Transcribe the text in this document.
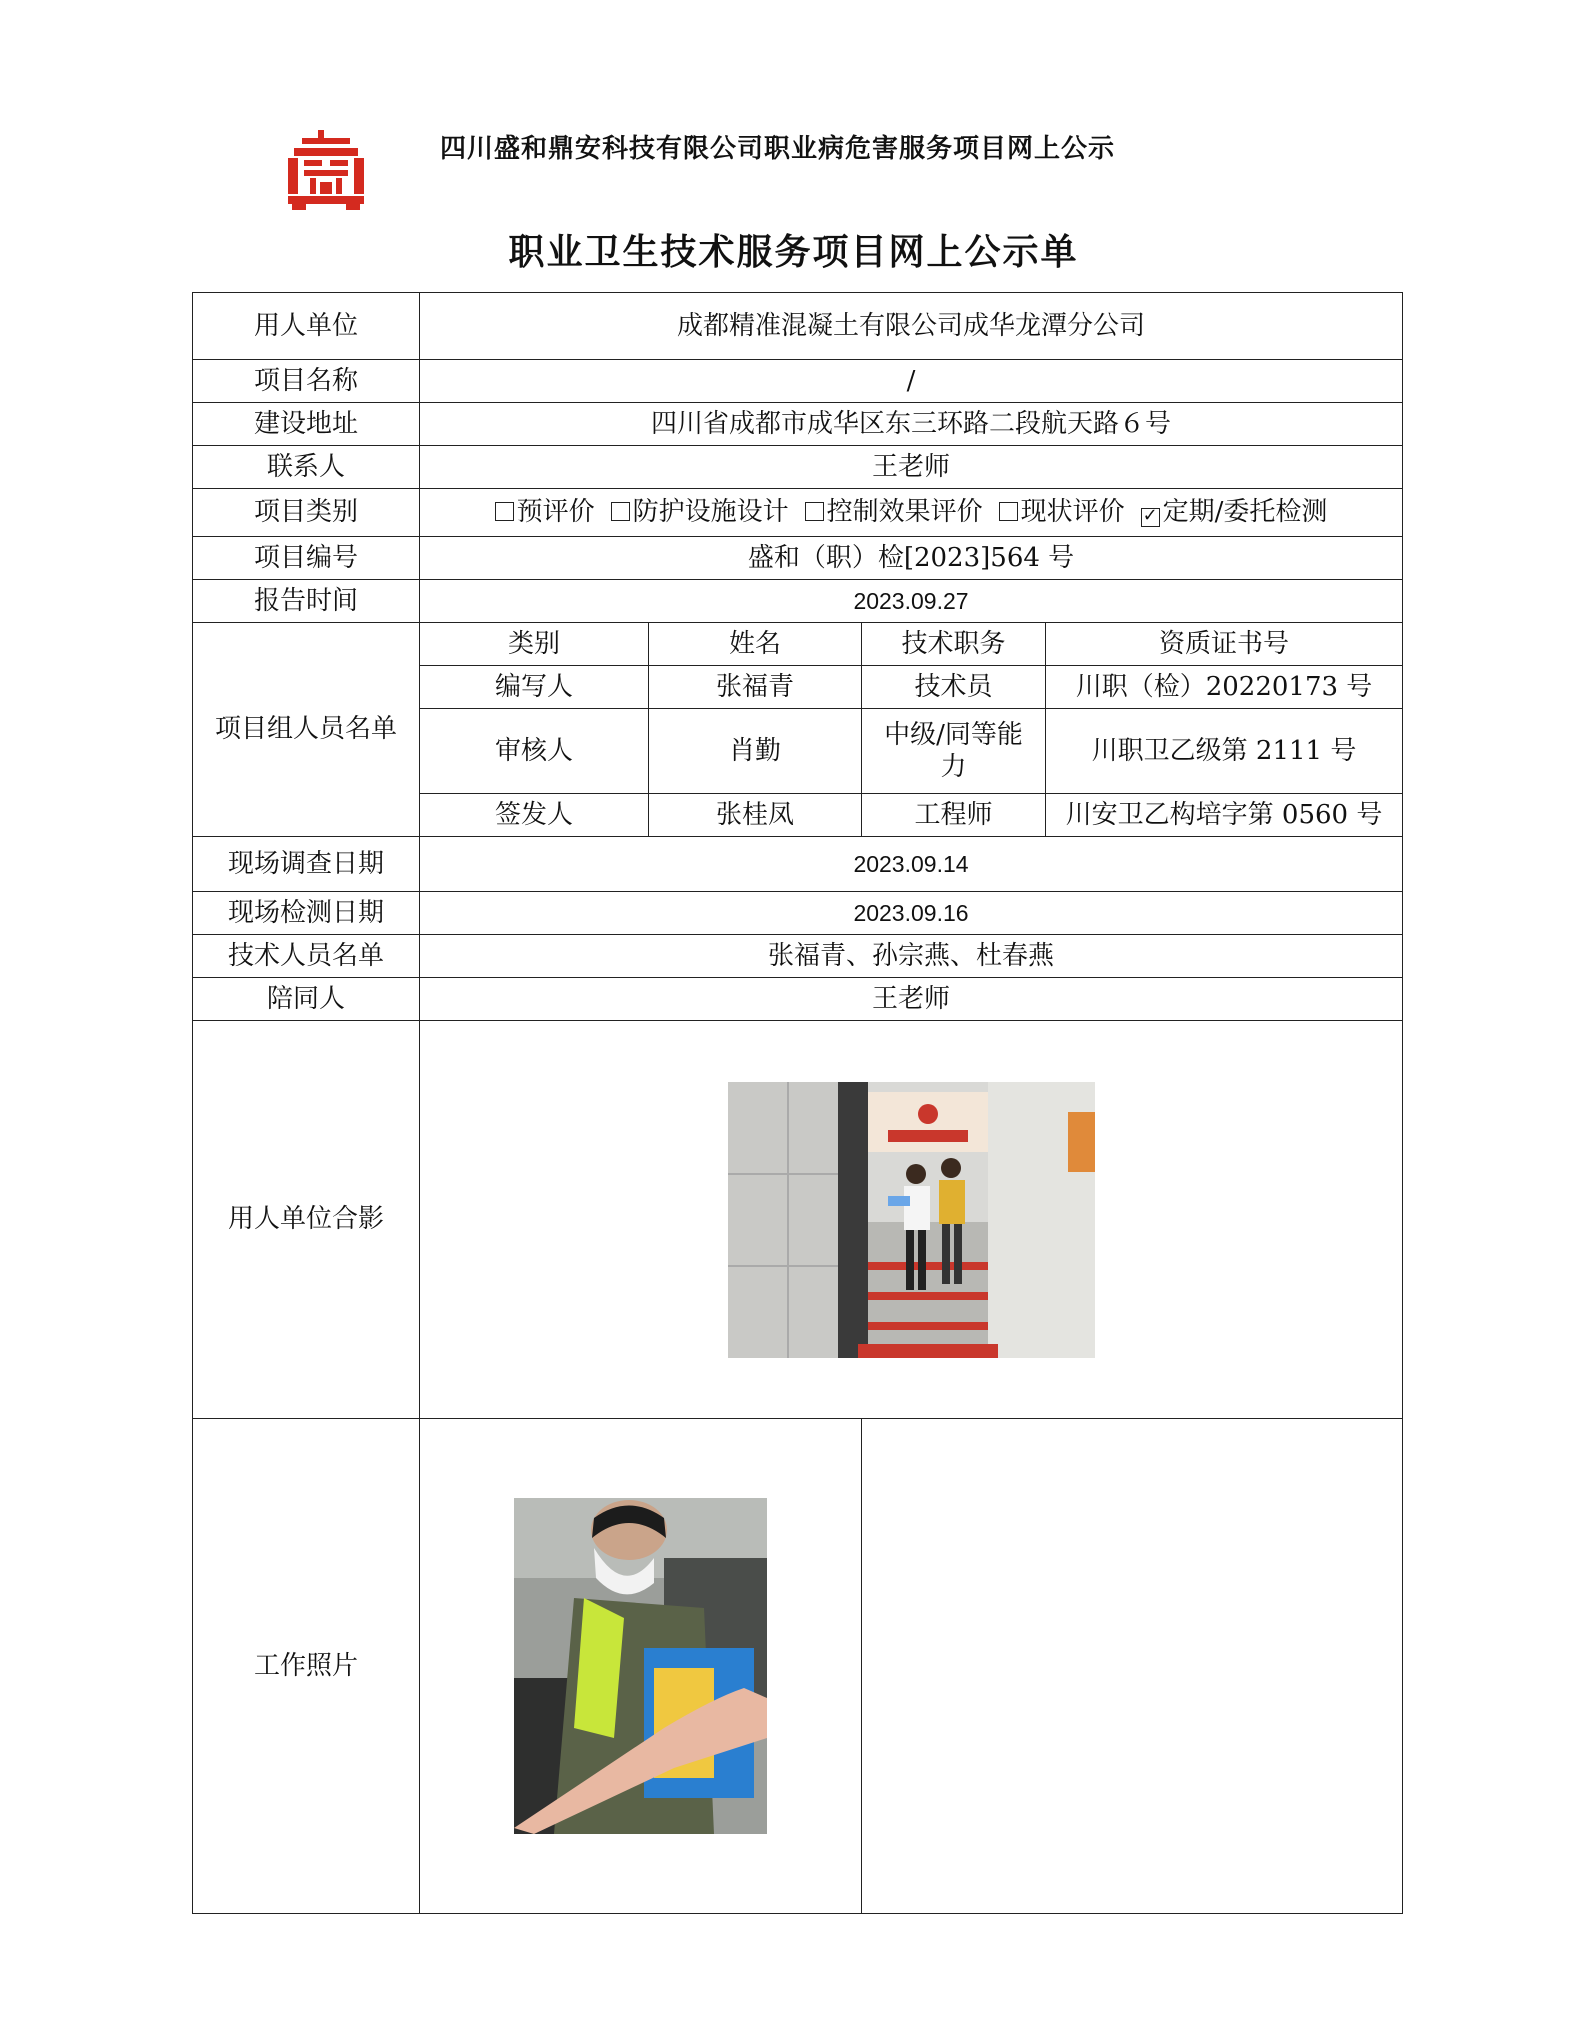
四川盛和鼎安科技有限公司职业病危害服务项目网上公示
职业卫生技术服务项目网上公示单
用人单位	成都精准混凝土有限公司成华龙潭分公司			
项目名称	/			
建设地址	四川省成都市成华区东三环路二段航天路６号			
联系人	王老师			
项目类别	预评价 防护设施设计 控制效果评价 现状评价 ✓ 定期/委托检测			
项目编号	盛和（职）检[2023]564 号			
报告时间	2023.09.27			
项目组人员名单	类别	姓名	技术职务	资质证书号
	编写人	张福青	技术员	川职（检）20220173 号
	审核人	肖勤	中级/同等能力	川职卫乙级第 2111 号
	签发人	张桂凤	工程师	川安卫乙构培字第 0560 号
现场调查日期	2023.09.14			
现场检测日期	2023.09.16			
技术人员名单	张福青、孙宗燕、杜春燕			
陪同人	王老师			
用人单位合影	
工作照片		
